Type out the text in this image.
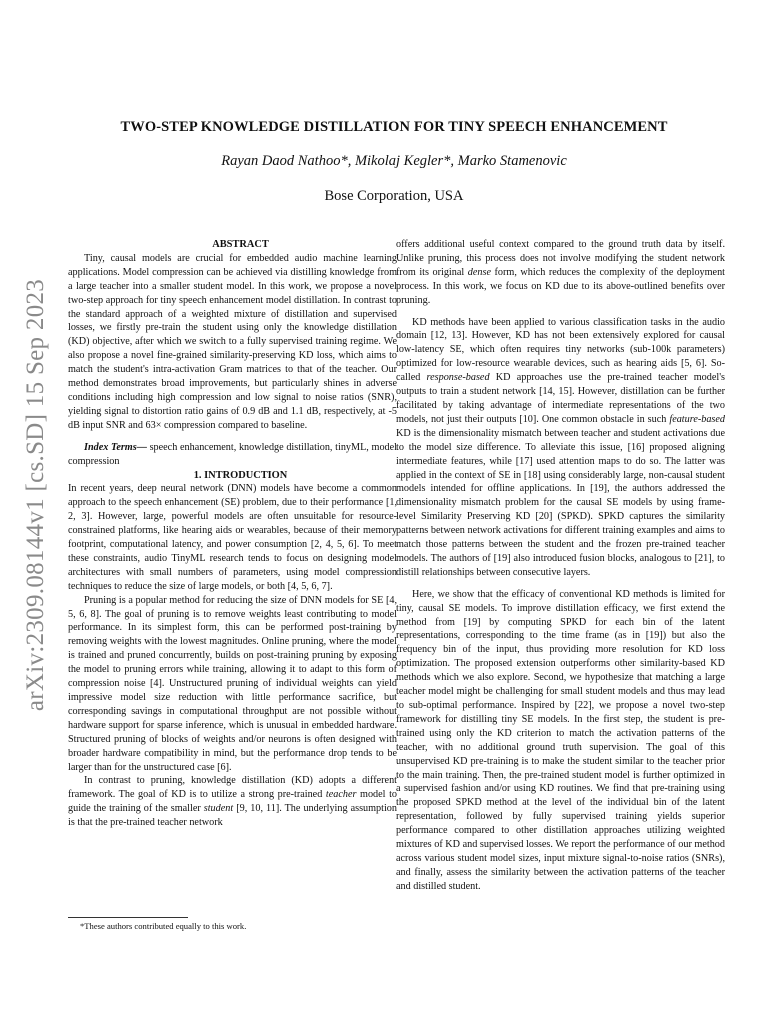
arXiv:2309.08144v1 [cs.SD] 15 Sep 2023
TWO-STEP KNOWLEDGE DISTILLATION FOR TINY SPEECH ENHANCEMENT
Rayan Daod Nathoo*, Mikolaj Kegler*, Marko Stamenovic
Bose Corporation, USA

ABSTRACT

Tiny, causal models are crucial for embedded audio machine learning applications. Model compression can be achieved via distilling knowledge from a large teacher into a smaller student model. In this work, we propose a novel two-step approach for tiny speech enhancement model distillation. In contrast to the standard approach of a weighted mixture of distillation and supervised losses, we firstly pre-train the student using only the knowledge distillation (KD) objective, after which we switch to a fully supervised training regime. We also propose a novel fine-grained similarity-preserving KD loss, which aims to match the student's intra-activation Gram matrices to that of the teacher. Our method demonstrates broad improvements, but particularly shines in adverse conditions including high compression and low signal to noise ratios (SNR), yielding signal to distortion ratio gains of 0.9 dB and 1.1 dB, respectively, at -5 dB input SNR and 63× compression compared to baseline.

Index Terms— speech enhancement, knowledge distillation, tinyML, model compression

1. INTRODUCTION

In recent years, deep neural network (DNN) models have become a common approach to the speech enhancement (SE) problem, due to their performance [1, 2, 3]. However, large, powerful models are often unsuitable for resource-constrained platforms, like hearing aids or wearables, because of their memory footprint, computational latency, and power consumption [2, 4, 5, 6]. To meet these constraints, audio TinyML research tends to focus on designing model architectures with small numbers of parameters, using model compression techniques to reduce the size of large models, or both [4, 5, 6, 7].

Pruning is a popular method for reducing the size of DNN models for SE [4, 5, 6, 8]. The goal of pruning is to remove weights least contributing to model performance. In its simplest form, this can be performed post-training by removing weights with the lowest magnitudes. Online pruning, where the model is trained and pruned concurrently, builds on post-training pruning by exposing the model to pruning errors while training, allowing it to adapt to this form of compression noise [4]. Unstructured pruning of individual weights can yield impressive model size reduction with little performance sacrifice, but corresponding savings in computational throughput are not possible without hardware support for sparse inference, which is unusual in embedded hardware. Structured pruning of blocks of weights and/or neurons is often designed with broader hardware compatibility in mind, but the performance drop tends to be larger than for the unstructured case [6].

In contrast to pruning, knowledge distillation (KD) adopts a different framework. The goal of KD is to utilize a strong pre-trained teacher model to guide the training of the smaller student [9, 10, 11]. The underlying assumption is that the pre-trained teacher network

offers additional useful context compared to the ground truth data by itself. Unlike pruning, this process does not involve modifying the student network from its original dense form, which reduces the complexity of the deployment process. In this work, we focus on KD due to its above-outlined benefits over pruning.

KD methods have been applied to various classification tasks in the audio domain [12, 13]. However, KD has not been extensively explored for causal low-latency SE, which often requires tiny networks (sub-100k parameters) optimized for low-resource wearable devices, such as hearing aids [5, 6]. So-called response-based KD approaches use the pre-trained teacher model's outputs to train a student network [14, 15]. However, distillation can be further facilitated by taking advantage of intermediate representations of the two models, not just their outputs [10]. One common obstacle in such feature-based KD is the dimensionality mismatch between teacher and student activations due to the model size difference. To alleviate this issue, [16] proposed aligning intermediate features, while [17] used attention maps to do so. The latter was applied in the context of SE in [18] using considerably large, non-causal student models intended for offline applications. In [19], the authors addressed the dimensionality mismatch problem for the causal SE models by using frame-level Similarity Preserving KD [20] (SPKD). SPKD captures the similarity patterns between network activations for different training examples and aims to match those patterns between the student and the frozen pre-trained teacher models. The authors of [19] also introduced fusion blocks, analogous to [21], to distill relationships between consecutive layers.

Here, we show that the efficacy of conventional KD methods is limited for tiny, causal SE models. To improve distillation efficacy, we first extend the method from [19] by computing SPKD for each bin of the latent representations, corresponding to the time frame (as in [19]) but also the frequency bin of the input, thus providing more resolution for KD loss optimization. The proposed extension outperforms other similarity-based KD methods which we also explore. Second, we hypothesize that matching a large teacher model might be challenging for small student models and thus may lead to sub-optimal performance. Inspired by [22], we propose a novel two-step framework for distilling tiny SE models. In the first step, the student is pre-trained using only the KD criterion to match the activation patterns of the teacher, with no additional ground truth supervision. The goal of this unsupervised KD pre-training is to make the student similar to the teacher prior to the main training. Then, the pre-trained student model is further optimized in a supervised fashion and/or using KD routines. We find that pre-training using the proposed SPKD method at the level of the individual bin of the latent representation, followed by fully supervised training yields superior performance compared to other distillation approaches utilizing weighted mixtures of KD and supervised losses. We report the performance of our method across various student model sizes, input mixture signal-to-noise ratios (SNRs), and finally, assess the similarity between the activation patterns of the teacher and distilled student.

*These authors contributed equally to this work.
